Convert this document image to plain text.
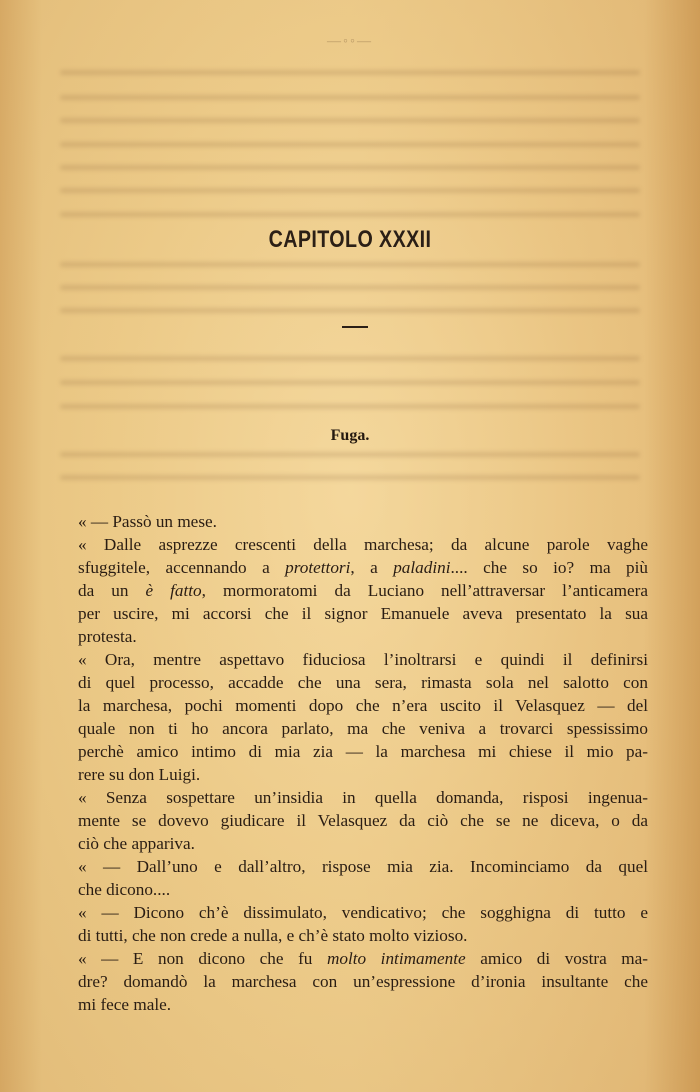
—◦◦—
CAPITOLO XXXII
Fuga.

« — Passò un mese.

« Dalle asprezze crescenti della marchesa; da alcune parole vaghe
sfuggitele, accennando a protettori, a paladini.... che so io? ma più
da un è fatto, mormoratomi da Luciano nell’attraversar l’anticamera
per uscire, mi accorsi che il signor Emanuele aveva presentato la sua
protesta.

« Ora, mentre aspettavo fiduciosa l’inoltrarsi e quindi il definirsi
di quel processo, accadde che una sera, rimasta sola nel salotto con
la marchesa, pochi momenti dopo che n’era uscito il Velasquez — del
quale non ti ho ancora parlato, ma che veniva a trovarci spessissimo
perchè amico intimo di mia zia — la marchesa mi chiese il mio pa-
rere su don Luigi.

« Senza sospettare un’insidia in quella domanda, risposi ingenua-
mente se dovevo giudicare il Velasquez da ciò che se ne diceva, o da
ciò che appariva.

« — Dall’uno e dall’altro, rispose mia zia. Incominciamo da quel
che dicono....

« — Dicono ch’è dissimulato, vendicativo; che sogghigna di tutto e
di tutti, che non crede a nulla, e ch’è stato molto vizioso.

« — E non dicono che fu molto intimamente amico di vostra ma-
dre? domandò la marchesa con un’espressione d’ironia insultante che
mi fece male.
